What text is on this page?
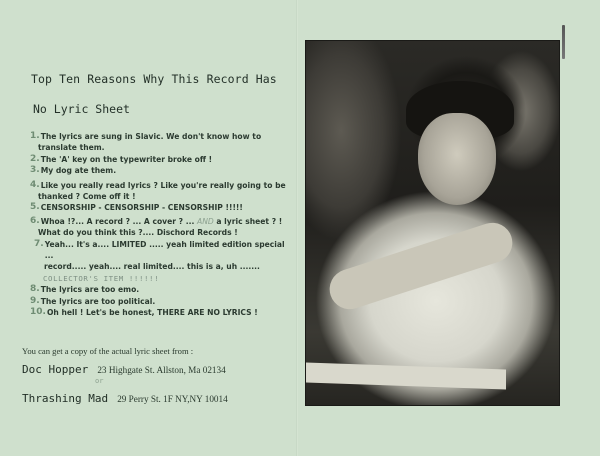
Top Ten Reasons Why This Record Has
No Lyric Sheet
1. The lyrics are sung in Slavic. We don't know how to
translate them.
2. The 'A' key on the typewriter broke off !
3. My dog ate them.
4. Like you really read lyrics ? Like you're really going to be
thanked ? Come off it !
5. CENSORSHIP - CENSORSHIP - CENSORSHIP !!!!!
6. Whoa !?... A record ? ... A cover ? ... AND a lyric sheet ? !
What do you think this ?.... Dischord Records !
7. Yeah... It's a.... LIMITED ..... yeah limited edition special ...
record..... yeah.... real limited.... this is a, uh .......
COLLECTOR'S ITEM !!!!!!
8. The lyrics are too emo.
9. The lyrics are too political.
10. Oh hell ! Let's be honest, THERE ARE NO LYRICS !
You can get a copy of the actual lyric sheet from :
Doc Hopper 23 Highgate St. Allston, Ma 02134
or
Thrashing Mad 29 Perry St. 1F NY,NY 10014
